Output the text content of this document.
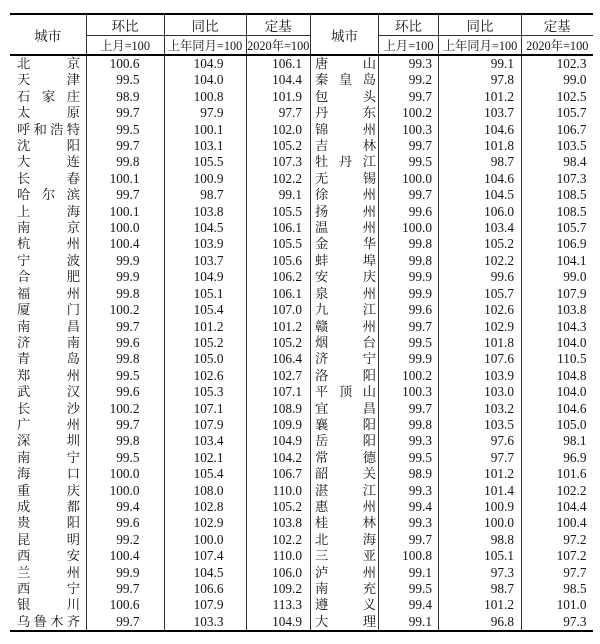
城市	环比	同比	定基
	上月=100	上年同月=100	2020年=100

北京	100.6	104.9	106.1

天津	99.5	104.0	104.4

石家庄	98.9	100.8	101.9

太原	99.7	97.9	97.7

呼和浩特	99.5	100.1	102.0

沈阳	99.7	103.1	105.2

大连	99.8	105.5	107.3

长春	100.1	100.9	102.2

哈尔滨	99.7	98.7	99.1

上海	100.1	103.8	105.5

南京	100.0	104.5	106.1

杭州	100.4	103.9	105.5

宁波	99.9	103.7	105.6

合肥	99.9	104.9	106.2

福州	99.8	105.1	106.1

厦门	100.2	105.4	107.0

南昌	99.7	101.2	101.2

济南	99.6	105.2	105.2

青岛	99.8	105.0	106.4

郑州	99.5	102.6	102.7

武汉	99.6	105.3	107.1

长沙	100.2	107.1	108.9

广州	99.7	107.9	109.9

深圳	99.8	103.4	104.9

南宁	99.5	102.1	104.2

海口	100.0	105.4	106.7

重庆	100.0	108.0	110.0

成都	99.4	102.8	105.2

贵阳	99.6	102.9	103.8

昆明	99.2	100.0	102.2

西安	100.4	107.4	110.0

兰州	99.9	104.5	106.0

西宁	99.7	106.6	109.2

银川	100.6	107.9	113.3

乌鲁木齐	99.7	103.3	104.9
城市	环比	同比	定基
	上月=100	上年同月=100	2020年=100

唐山	99.3	99.1	102.3

秦皇岛	99.2	97.8	99.0

包头	99.7	101.2	102.5

丹东	100.2	103.7	105.7

锦州	100.3	104.6	106.7

吉林	99.7	101.8	103.5

牡丹江	99.5	98.7	98.4

无锡	100.0	104.6	107.3

徐州	99.7	104.5	108.5

扬州	99.6	106.0	108.5

温州	100.0	103.4	105.7

金华	99.8	105.2	106.9

蚌埠	99.8	102.2	104.1

安庆	99.9	99.6	99.0

泉州	99.9	105.7	107.9

九江	99.6	102.6	103.8

赣州	99.7	102.9	104.3

烟台	99.5	101.8	104.0

济宁	99.9	107.6	110.5

洛阳	100.2	103.9	104.8

平顶山	100.3	103.0	104.0

宜昌	99.7	103.2	104.6

襄阳	99.8	103.5	105.0

岳阳	99.3	97.6	98.1

常德	99.5	97.7	96.9

韶关	98.9	101.2	101.6

湛江	99.3	101.4	102.2

惠州	99.4	100.9	104.4

桂林	99.3	100.0	100.4

北海	99.7	98.8	97.2

三亚	100.8	105.1	107.2

泸州	99.1	97.3	97.7

南充	99.5	98.7	98.5

遵义	99.4	101.2	101.0

大理	99.1	96.8	97.3
